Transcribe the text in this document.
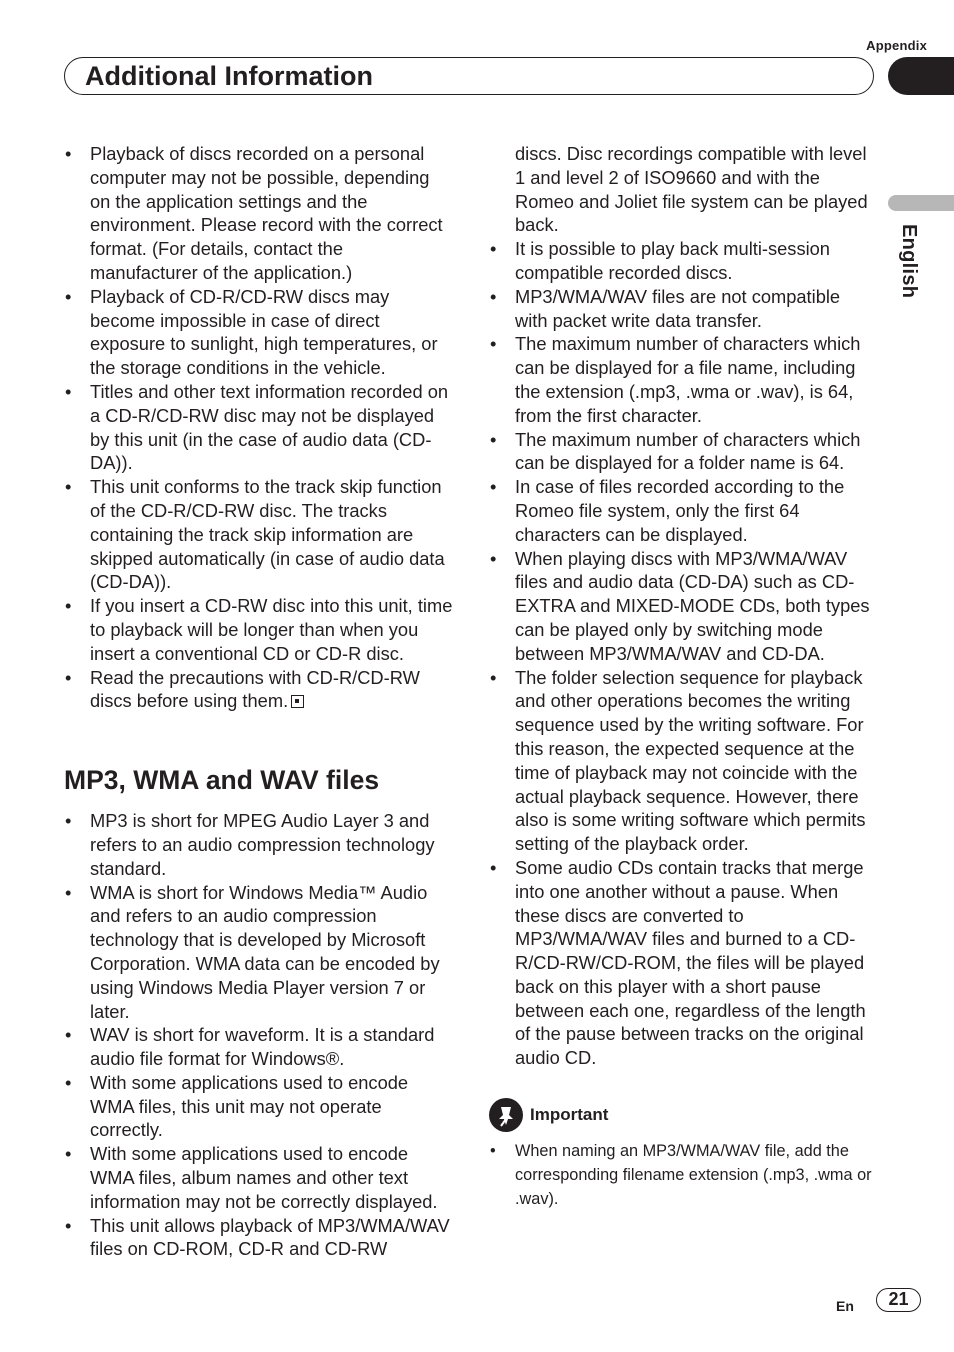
Appendix
Additional Information
English
• Playback of discs recorded on a personal computer may not be possible, depending on the application settings and the environment. Please record with the correct format. (For details, contact the manufacturer of the application.)
• Playback of CD-R/CD-RW discs may become impossible in case of direct exposure to sunlight, high temperatures, or the storage conditions in the vehicle.
• Titles and other text information recorded on a CD-R/CD-RW disc may not be displayed by this unit (in the case of audio data (CD-DA)).
• This unit conforms to the track skip function of the CD-R/CD-RW disc. The tracks containing the track skip information are skipped automatically (in case of audio data (CD-DA)).
• If you insert a CD-RW disc into this unit, time to playback will be longer than when you insert a conventional CD or CD-R disc.
• Read the precautions with CD-R/CD-RW discs before using them.
MP3, WMA and WAV files
• MP3 is short for MPEG Audio Layer 3 and refers to an audio compression technology standard.
• WMA is short for Windows Media™ Audio and refers to an audio compression technology that is developed by Microsoft Corporation. WMA data can be encoded by using Windows Media Player version 7 or later.
• WAV is short for waveform. It is a standard audio file format for Windows®.
• With some applications used to encode WMA files, this unit may not operate correctly.
• With some applications used to encode WMA files, album names and other text information may not be correctly displayed.
• This unit allows playback of MP3/WMA/WAV files on CD-ROM, CD-R and CD-RW
discs. Disc recordings compatible with level 1 and level 2 of ISO9660 and with the Romeo and Joliet file system can be played back.
• It is possible to play back multi-session compatible recorded discs.
• MP3/WMA/WAV files are not compatible with packet write data transfer.
• The maximum number of characters which can be displayed for a file name, including the extension (.mp3, .wma or .wav), is 64, from the first character.
• The maximum number of characters which can be displayed for a folder name is 64.
• In case of files recorded according to the Romeo file system, only the first 64 characters can be displayed.
• When playing discs with MP3/WMA/WAV files and audio data (CD-DA) such as CD-EXTRA and MIXED-MODE CDs, both types can be played only by switching mode between MP3/WMA/WAV and CD-DA.
• The folder selection sequence for playback and other operations becomes the writing sequence used by the writing software. For this reason, the expected sequence at the time of playback may not coincide with the actual playback sequence. However, there also is some writing software which permits setting of the playback order.
• Some audio CDs contain tracks that merge into one another without a pause. When these discs are converted to MP3/WMA/WAV files and burned to a CD-R/CD-RW/CD-ROM, the files will be played back on this player with a short pause between each one, regardless of the length of the pause between tracks on the original audio CD.
Important
• When naming an MP3/WMA/WAV file, add the corresponding filename extension (.mp3, .wma or .wav).
En	21
